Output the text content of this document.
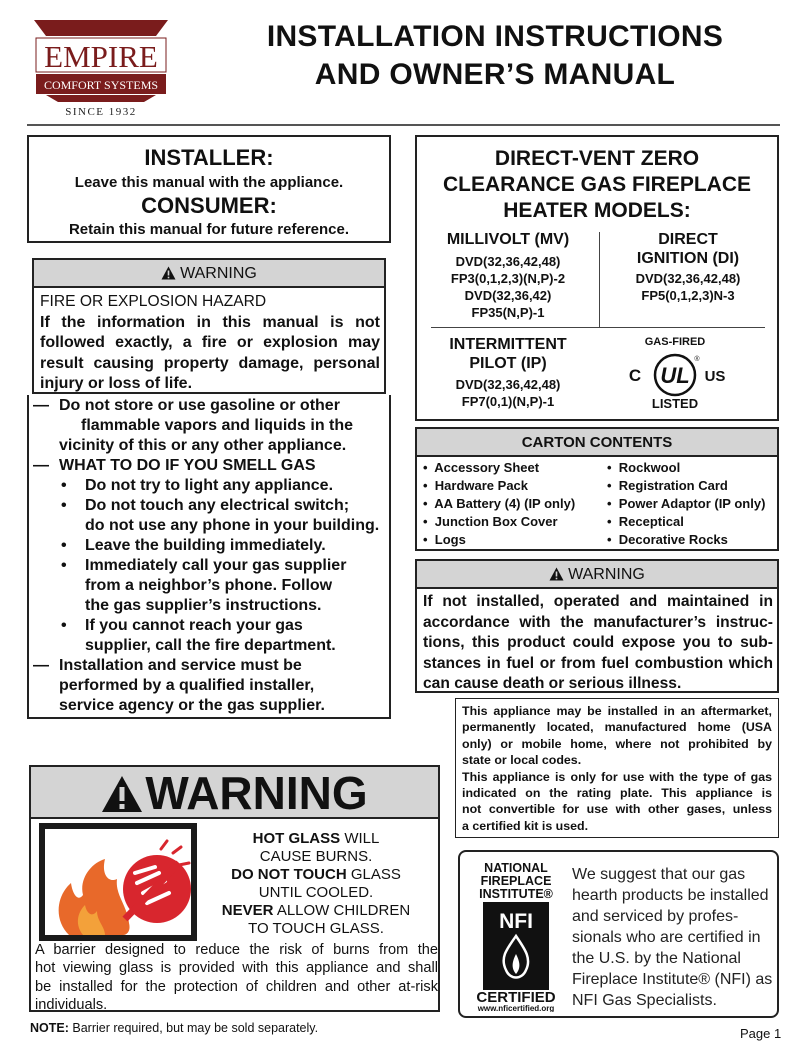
EMPIRE
COMFORT SYSTEMS
SINCE 1932
INSTALLATION INSTRUCTIONS
AND OWNER’S MANUAL
INSTALLER:
Leave this manual with the appliance.
CONSUMER:
Retain this manual for future reference.
WARNING
FIRE OR EXPLOSION HAZARD
If the information in this manual is not
followed exactly, a fire or explosion may
result causing property damage, personal
injury or loss of life.
— Do not store or use gasoline or other
flammable vapors and liquids in the
vicinity of this or any other appliance.
— WHAT TO DO IF YOU SMELL GAS
• Do not try to light any appliance.
• Do not touch any electrical switch;
do not use any phone in your building.
• Leave the building immediately.
• Immediately call your gas supplier
from a neighbor’s phone. Follow
the gas supplier’s instructions.
• If you cannot reach your gas
supplier, call the fire department.
— Installation and service must be
performed by a qualified installer,
service agency or the gas supplier.
DIRECT-VENT ZERO
CLEARANCE GAS FIREPLACE
HEATER MODELS:
MILLIVOLT (MV)
DVD(32,36,42,48)
FP3(0,1,2,3)(N,P)-2
DVD(32,36,42)
FP35(N,P)-1
DIRECT
IGNITION (DI)
DVD(32,36,42,48)
FP5(0,1,2,3)N-3
INTERMITTENT
PILOT (IP)
DVD(32,36,42,48)
FP7(0,1)(N,P)-1
GAS-FIRED
C UL
®
US
LISTED
CARTON CONTENTS
•  Accessory Sheet
•  Hardware Pack
•  AA Battery (4) (IP only)
•  Junction Box Cover
•  Logs
•  Rockwool
•  Registration Card
•  Power Adaptor (IP only)
•  Receptical
•  Decorative Rocks
WARNING
If not installed, operated and maintained in
accordance with the manufacturer’s instruc-
tions, this product could expose you to sub-
stances in fuel or from fuel combustion which
can cause death or serious illness.
This appliance may be installed in an aftermarket,
permanently located, manufactured home (USA
only) or mobile home, where not prohibited by
state or local codes.
This appliance is only for use with the type of gas
indicated on the rating plate. This appliance is
not convertible for use with other gases, unless
a certified kit is used.
NATIONAL
FIREPLACE
INSTITUTE®
NFI
CERTIFIED
www.nficertified.org
We suggest that our gas
hearth products be installed
and serviced by profes-
sionals who are certified in
the U.S. by the National
Fireplace Institute® (NFI) as
NFI Gas Specialists.
WARNING
HOT GLASS WILL
CAUSE BURNS.
DO NOT TOUCH GLASS
UNTIL COOLED.
NEVER ALLOW CHILDREN
TO TOUCH GLASS.
A barrier designed to reduce the risk of burns from the
hot viewing glass is provided with this appliance and shall
be installed for the protection of children and other at-risk
individuals.
NOTE: Barrier required, but may be sold separately.	Page 1
